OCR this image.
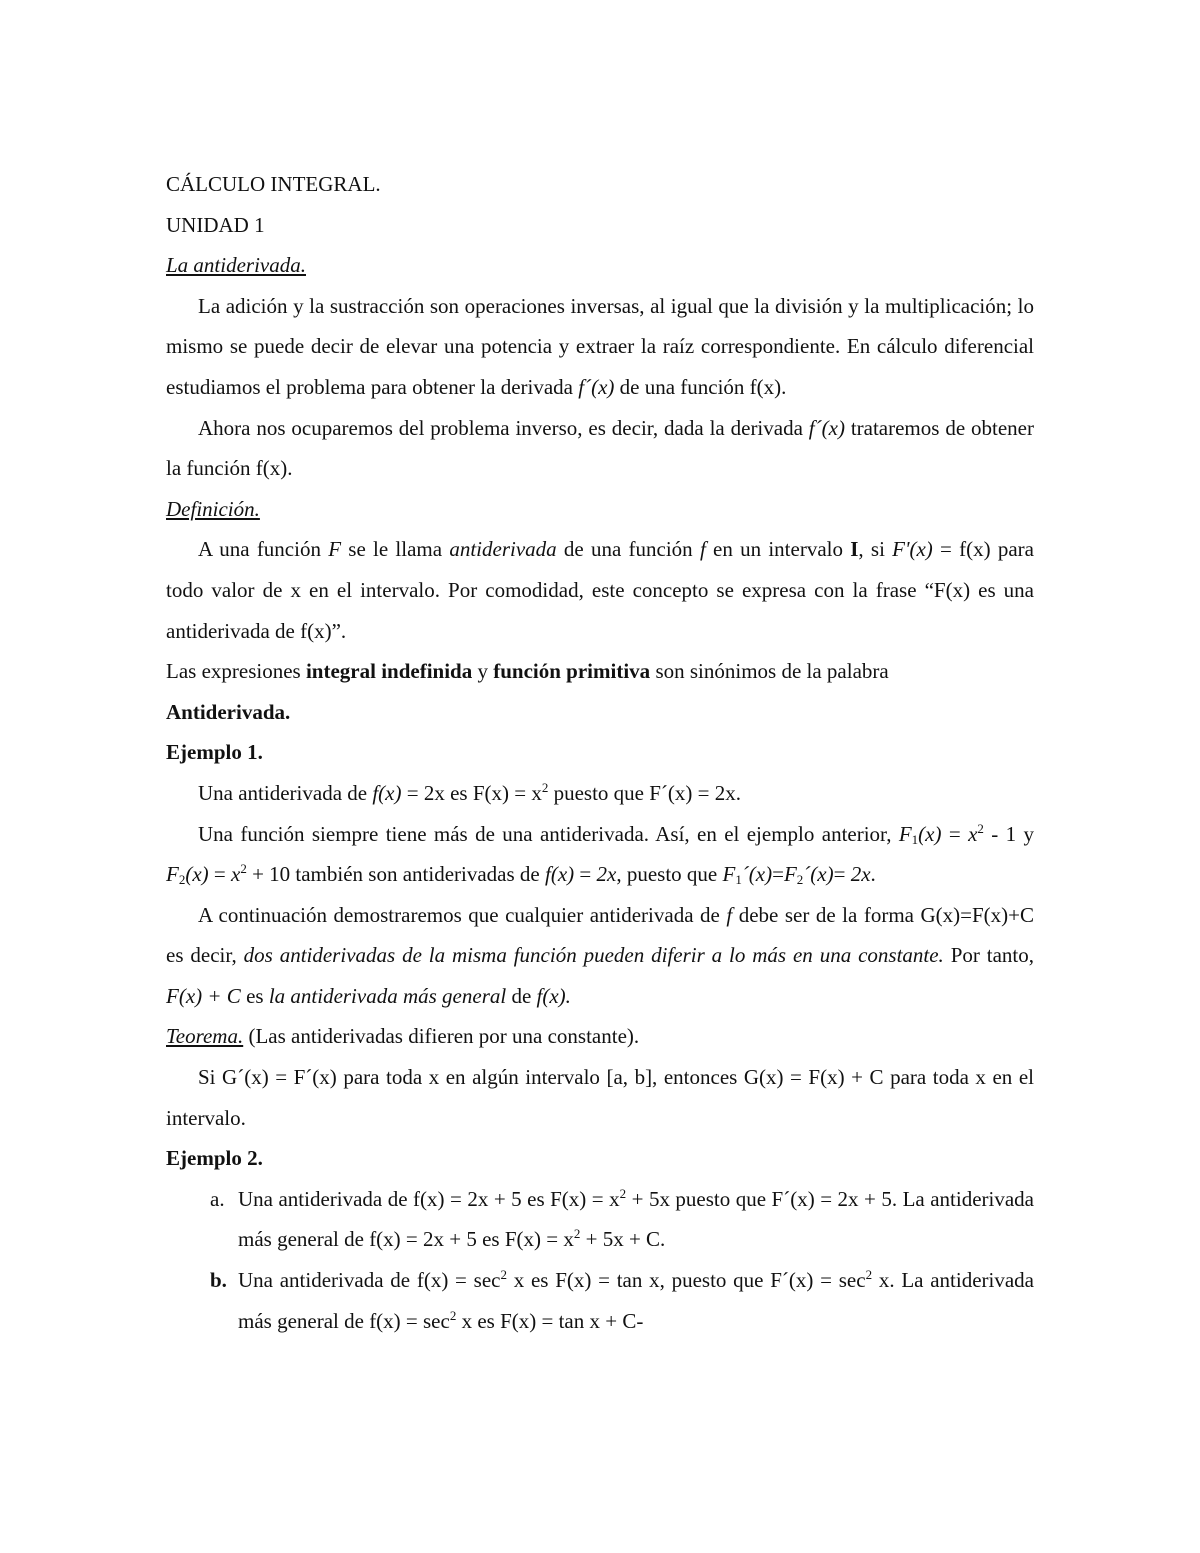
CÁLCULO INTEGRAL.

UNIDAD 1

La antiderivada.

La adición y la sustracción son operaciones inversas, al igual que la división y la multiplicación; lo mismo se puede decir de elevar una potencia y extraer la raíz correspondiente. En cálculo diferencial estudiamos el problema para obtener la derivada f´(x) de una función f(x).

Ahora nos ocuparemos del problema inverso, es decir, dada la derivada f´(x) trataremos de obtener la función f(x).

Definición.

A una función F se le llama antiderivada de una función f en un intervalo I, si F'(x) = f(x) para todo valor de x en el intervalo. Por comodidad, este concepto se expresa con la frase “F(x) es una antiderivada de f(x)”.

Las expresiones integral indefinida y función primitiva son sinónimos de la palabra

Antiderivada.

Ejemplo 1.

Una antiderivada de f(x) = 2x es $F(x) = x^2$ puesto que F´(x) = 2x.

Una función siempre tiene más de una antiderivada. Así, en el ejemplo anterior, $F_1(x) = x^2 - 1$ y $F_2(x) = x^2 + 10$ también son antiderivadas de f(x) = 2x, puesto que $F_1´(x)=F_2´(x)= 2x$.

A continuación demostraremos que cualquier antiderivada de f debe ser de la forma G(x)=F(x)+C es decir, dos antiderivadas de la misma función pueden diferir a lo más en una constante. Por tanto, F(x) + C es la antiderivada más general de f(x).

Teorema. (Las antiderivadas difieren por una constante).

Si G´(x) = F´(x) para toda x en algún intervalo [a, b], entonces G(x) = F(x) + C para toda x en el intervalo.

Ejemplo 2.

a. Una antiderivada de f(x) = 2x + 5 es $F(x) = x^2 + 5x$ puesto que F´(x) = 2x + 5. La antiderivada más general de f(x) = 2x + 5 es $F(x) = x^2 + 5x + C$.
b. Una antiderivada de $f(x) = \sec^2 x$ es F(x) = tan x, puesto que F´(x) = $\sec^2 x$. La antiderivada más general de $f(x) = \sec^2 x$ es F(x) = tan x + C-
